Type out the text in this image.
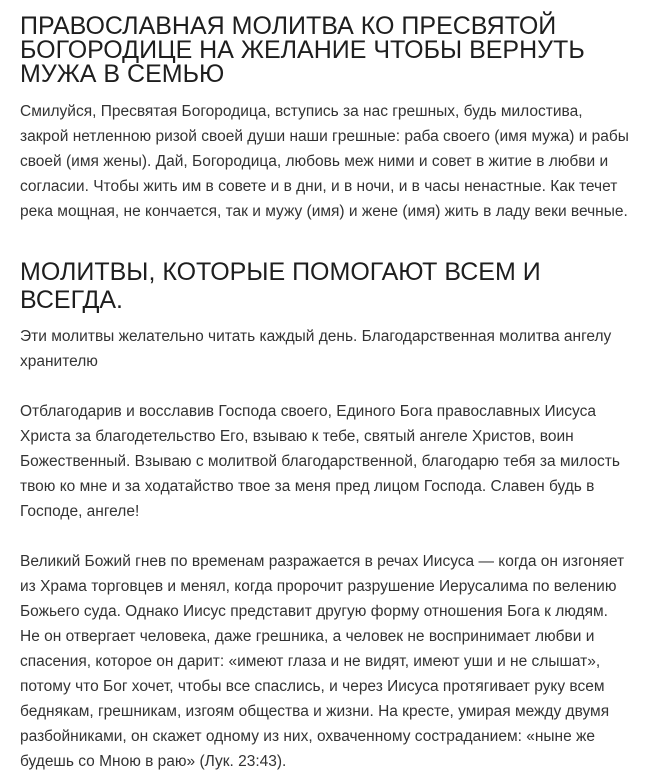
ПРАВОСЛАВНАЯ МОЛИТВА КО ПРЕСВЯТОЙ БОГОРОДИЦЕ НА ЖЕЛАНИЕ ЧТОБЫ ВЕРНУТЬ МУЖА В СЕМЬЮ

Смилуйся, Пресвятая Богородица, вступись за нас грешных, будь милостива, закрой нетленною ризой своей души наши грешные: раба своего (имя мужа) и рабы своей (имя жены). Дай, Богородица, любовь меж ними и совет в житие в любви и согласии. Чтобы жить им в совете и в дни, и в ночи, и в часы ненастные. Как течет река мощная, не кончается, так и мужу (имя) и жене (имя) жить в ладу веки вечные.

МОЛИТВЫ, КОТОРЫЕ ПОМОГАЮТ ВСЕМ И ВСЕГДА.

Эти молитвы желательно читать каждый день. Благодарственная молитва ангелу хранителю

Отблагодарив и восславив Господа своего, Единого Бога православных Иисуса Христа за благодетельство Его, взываю к тебе, святый ангеле Христов, воин Божественный. Взываю с молитвой благодарственной, благодарю тебя за милость твою ко мне и за ходатайство твое за меня пред лицом Господа. Славен будь в Господе, ангеле!

Великий Божий гнев по временам разражается в речах Иисуса — когда он изгоняет из Храма торговцев и менял, когда пророчит разрушение Иерусалима по велению Божьего суда. Однако Иисус представит другую форму отношения Бога к людям. Не он отвергает человека, даже грешника, а человек не воспринимает любви и спасения, которое он дарит: «имеют глаза и не видят, имеют уши и не слышат», потому что Бог хочет, чтобы все спаслись, и через Иисуса протягивает руку всем беднякам, грешникам, изгоям общества и жизни. На кресте, умирая между двумя разбойниками, он скажет одному из них, охваченному состраданием: «ныне же будешь со Мною в раю» (Лук. 23:43).
